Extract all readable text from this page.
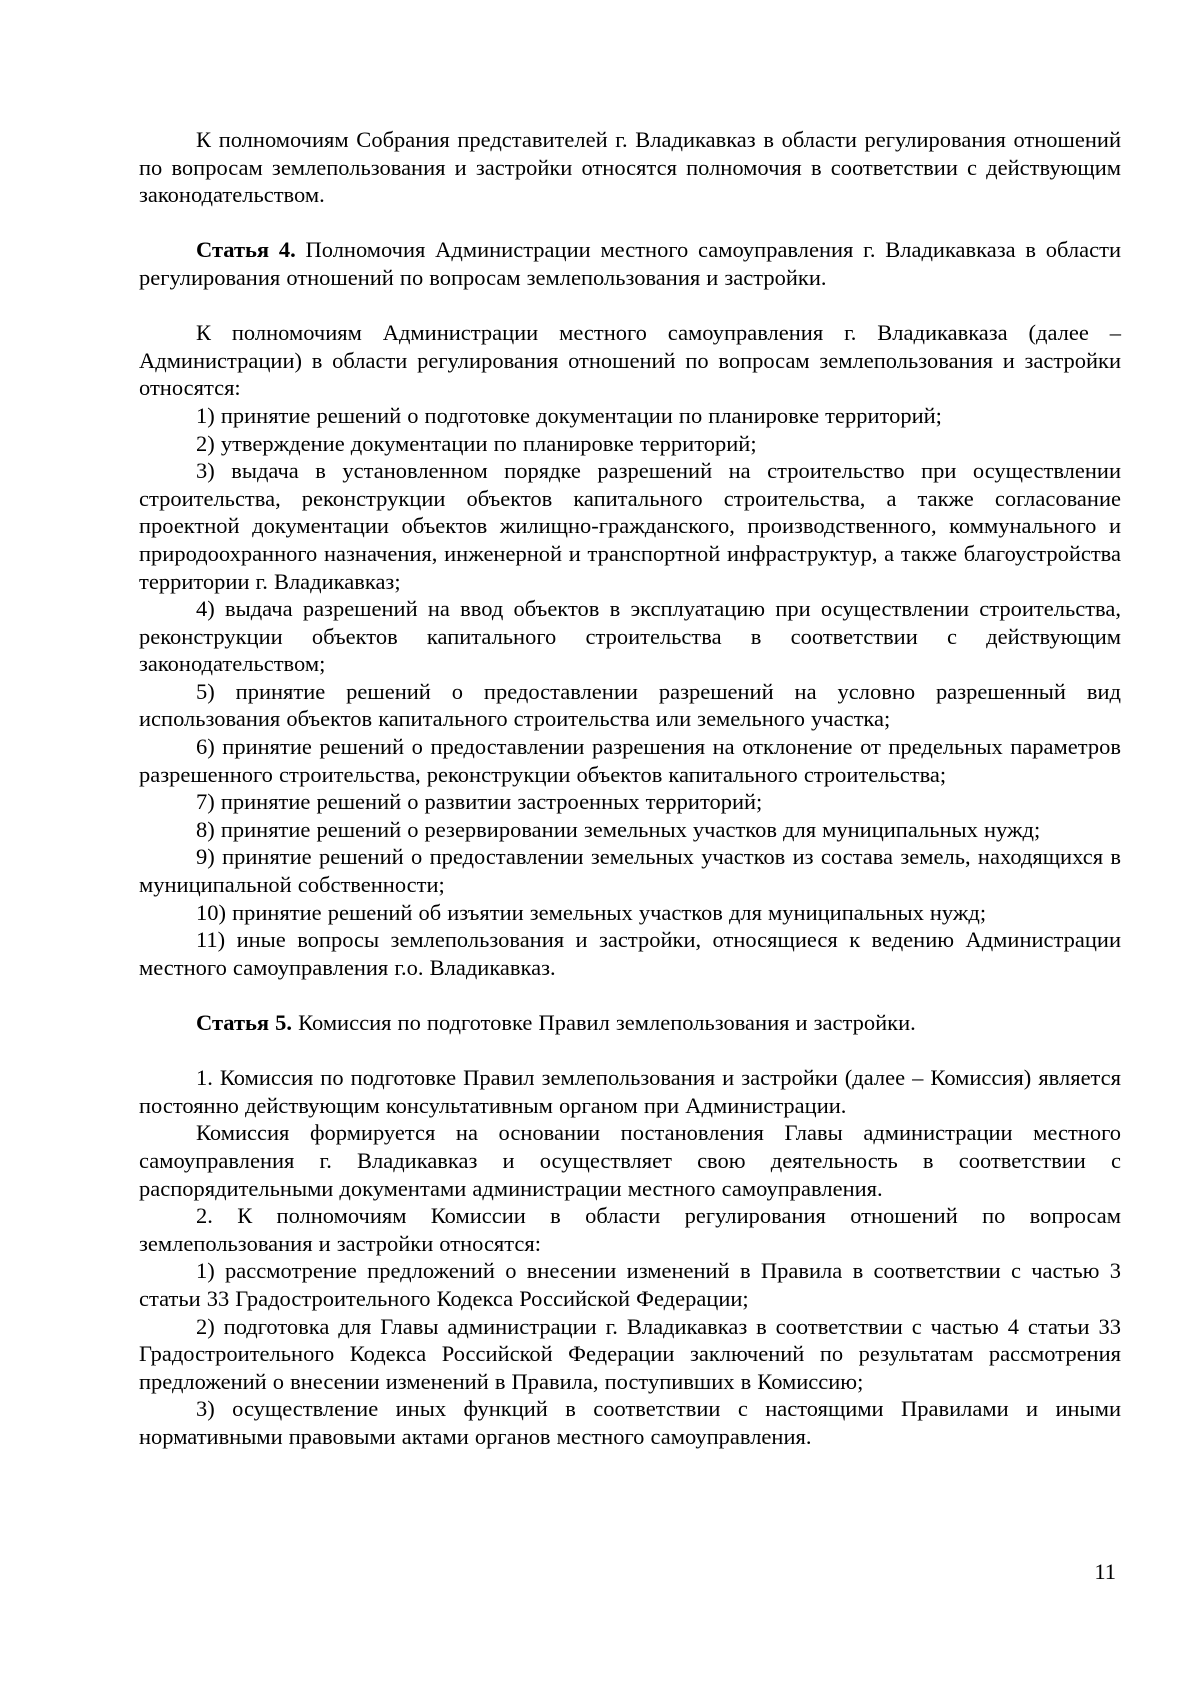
К полномочиям Собрания представителей г. Владикавказ в области регулирования отношений по вопросам землепользования и застройки относятся полномочия в соответствии с действующим законодательством.

Статья 4. Полномочия Администрации местного самоуправления г. Владикавказа в области регулирования отношений по вопросам землепользования и застройки.

К полномочиям Администрации местного самоуправления г. Владикавказа (далее – Администрации) в области регулирования отношений по вопросам землепользования и застройки относятся:

1) принятие решений о подготовке документации по планировке территорий;

2) утверждение документации по планировке территорий;

3) выдача в установленном порядке разрешений на строительство при осуществлении строительства, реконструкции объектов капитального строительства, а также согласование проектной документации объектов жилищно-гражданского, производственного, коммунального и природоохранного назначения, инженерной и транспортной инфраструктур, а также благоустройства территории г. Владикавказ;

4) выдача разрешений на ввод объектов в эксплуатацию при осуществлении строительства, реконструкции объектов капитального строительства в соответствии с действующим законодательством;

5) принятие решений о предоставлении разрешений на условно разрешенный вид использования объектов капитального строительства или земельного участка;

6) принятие решений о предоставлении разрешения на отклонение от предельных параметров разрешенного строительства, реконструкции объектов капитального строительства;

7) принятие решений о развитии застроенных территорий;

8) принятие решений о резервировании земельных участков для муниципальных нужд;

9) принятие решений о предоставлении земельных участков из состава земель, находящихся в муниципальной собственности;

10) принятие решений об изъятии земельных участков для муниципальных нужд;

11) иные вопросы землепользования и застройки, относящиеся к ведению Администрации местного самоуправления г.о. Владикавказ.

Статья 5. Комиссия по подготовке Правил землепользования и застройки.

1. Комиссия по подготовке Правил землепользования и застройки (далее – Комиссия) является постоянно действующим консультативным органом при Администрации.

Комиссия формируется на основании постановления Главы администрации местного самоуправления г. Владикавказ и осуществляет свою деятельность в соответствии с распорядительными документами администрации местного самоуправления.

2. К полномочиям Комиссии в области регулирования отношений по вопросам землепользования и застройки относятся:

1) рассмотрение предложений о внесении изменений в Правила в соответствии с частью 3 статьи 33 Градостроительного Кодекса Российской Федерации;

2) подготовка для Главы администрации г. Владикавказ в соответствии с частью 4 статьи 33 Градостроительного Кодекса Российской Федерации заключений по результатам рассмотрения предложений о внесении изменений в Правила, поступивших в Комиссию;

3) осуществление иных функций в соответствии с настоящими Правилами и иными нормативными правовыми актами органов местного самоуправления.

11
